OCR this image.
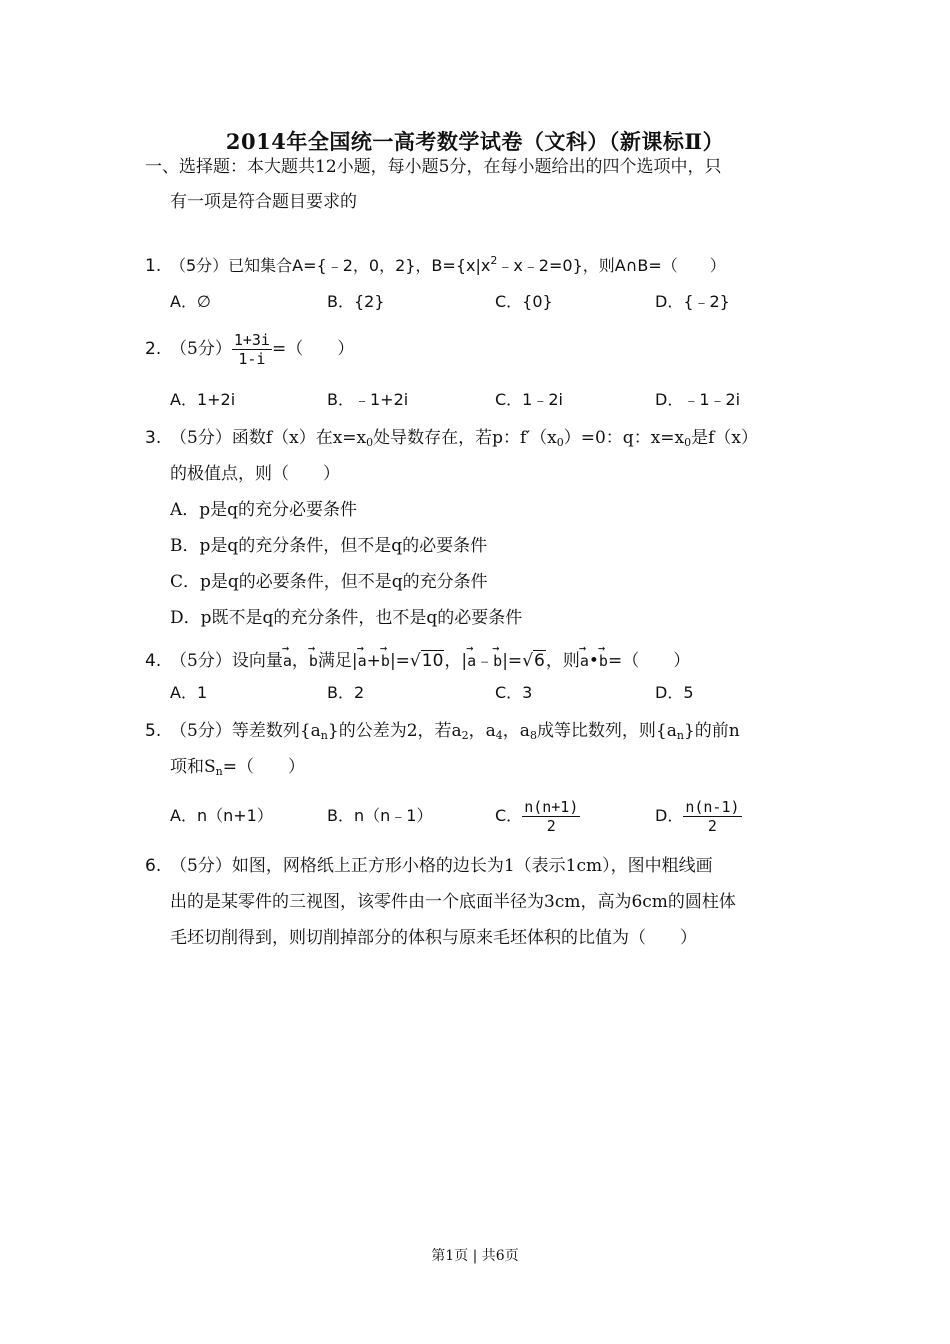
2014年全国统一高考数学试卷（文科）（新课标Ⅱ）
一、选择题：本大题共12小题，每小题5分，在每小题给出的四个选项中，只
有一项是符合题目要求的
1. （5分）已知集合A={﹣2，0，2}，$B=\{x|x^2﹣x﹣2=0\}$，则A∩B=（　　）
A．∅	B．{2}	C．{0}	D．{﹣2}
2. （5分） $\frac{1+3i}{1-i}$ =（　　）
A．1+2i	B．﹣1+2i	C．1﹣2i	D．﹣1﹣2i
3. （5分）函数f（x）在$x=x_0$处导数存在，若p：$f'(x_0)=0$：q：$x=x_0$是f（x）
的极值点，则（　　）
A．p是q的充分必要条件
B．p是q的充分条件，但不是q的必要条件
C．p是q的必要条件，但不是q的充分条件
D．p既不是q的充分条件，也不是q的必要条件
4. （5分）设向量→ a，→ b满足|→ a+→ b|=√10，|→ a﹣→ b|=√6，则→ a•→ b=（　　）
A．1	B．2	C．3	D．5
5. （5分）等差数列$\{a_n\}$的公差为2，若$a_2$，$a_4$，$a_8$成等比数列，则$\{a_n\}$的前n
项和$S_n=$（　　）
A．n（n+1）	B．n（n﹣1）	C． $\frac{n(n+1)}{2}$	D． $\frac{n(n-1)}{2}$
6. （5分）如图，网格纸上正方形小格的边长为1（表示1cm），图中粗线画
出的是某零件的三视图，该零件由一个底面半径为3cm，高为6cm的圆柱体
毛坯切削得到，则切削掉部分的体积与原来毛坯体积的比值为（　　）
第1页 | 共6页
